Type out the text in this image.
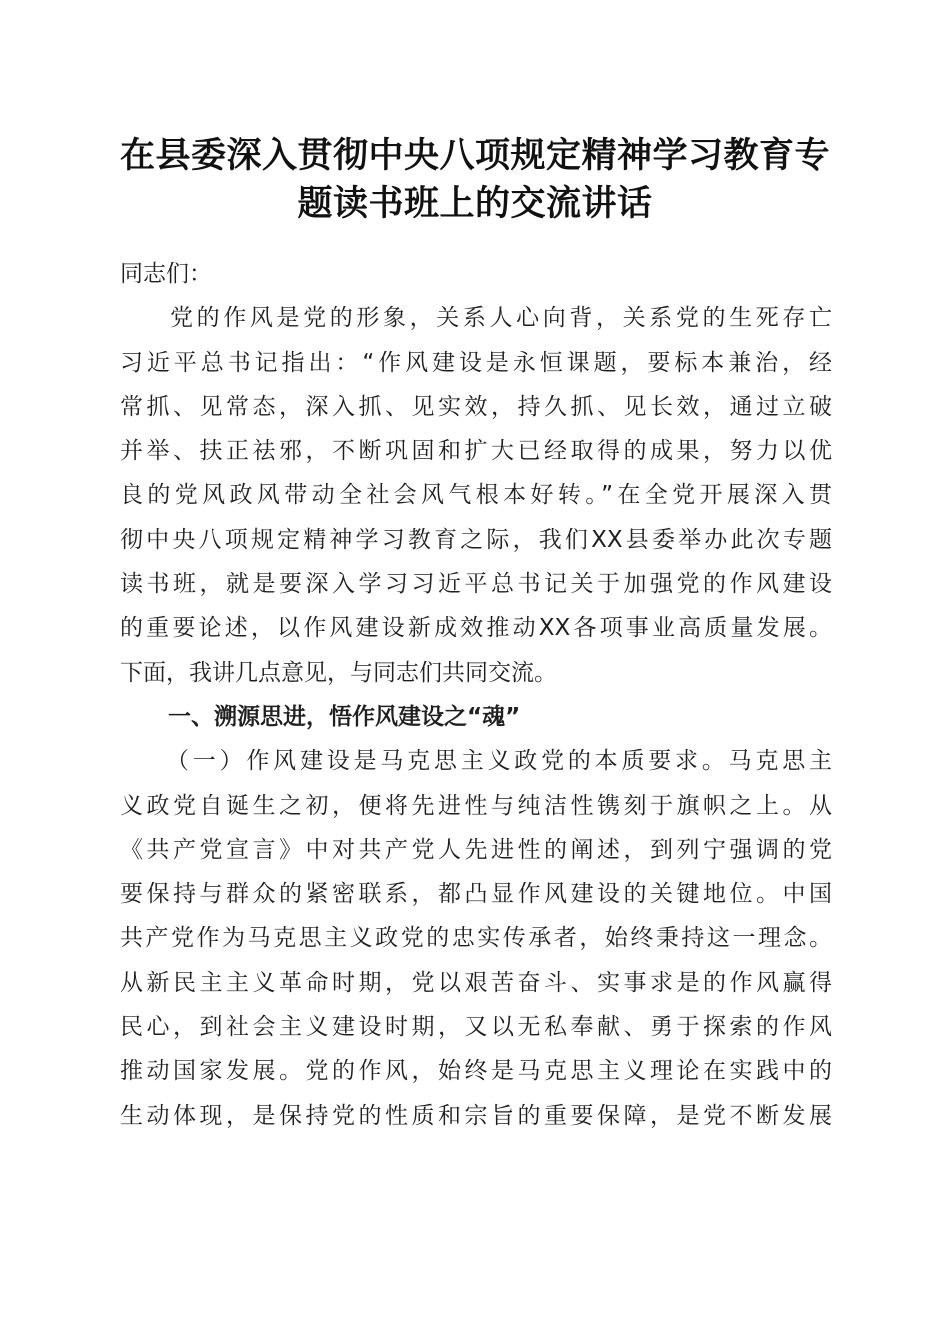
在县委深入贯彻中央八项规定精神学习教育专
题读书班上的交流讲话
同志们：
党的作风是党的形象，关系人心向背，关系党的生死存亡
习近平总书记指出：“作风建设是永恒课题，要标本兼治，经
常抓、见常态，深入抓、见实效，持久抓、见长效，通过立破
并举、扶正祛邪，不断巩固和扩大已经取得的成果，努力以优
良的党风政风带动全社会风气根本好转。”在全党开展深入贯
彻中央八项规定精神学习教育之际，我们XX县委举办此次专题
读书班，就是要深入学习习近平总书记关于加强党的作风建设
的重要论述，以作风建设新成效推动XX各项事业高质量发展。
下面，我讲几点意见，与同志们共同交流。
一、溯源思进，悟作风建设之“魂”
（一）作风建设是马克思主义政党的本质要求。马克思主
义政党自诞生之初，便将先进性与纯洁性镌刻于旗帜之上。从
《共产党宣言》中对共产党人先进性的阐述，到列宁强调的党
要保持与群众的紧密联系，都凸显作风建设的关键地位。中国
共产党作为马克思主义政党的忠实传承者，始终秉持这一理念。
从新民主主义革命时期，党以艰苦奋斗、实事求是的作风赢得
民心，到社会主义建设时期，又以无私奉献、勇于探索的作风
推动国家发展。党的作风，始终是马克思主义理论在实践中的
生动体现，是保持党的性质和宗旨的重要保障，是党不断发展
